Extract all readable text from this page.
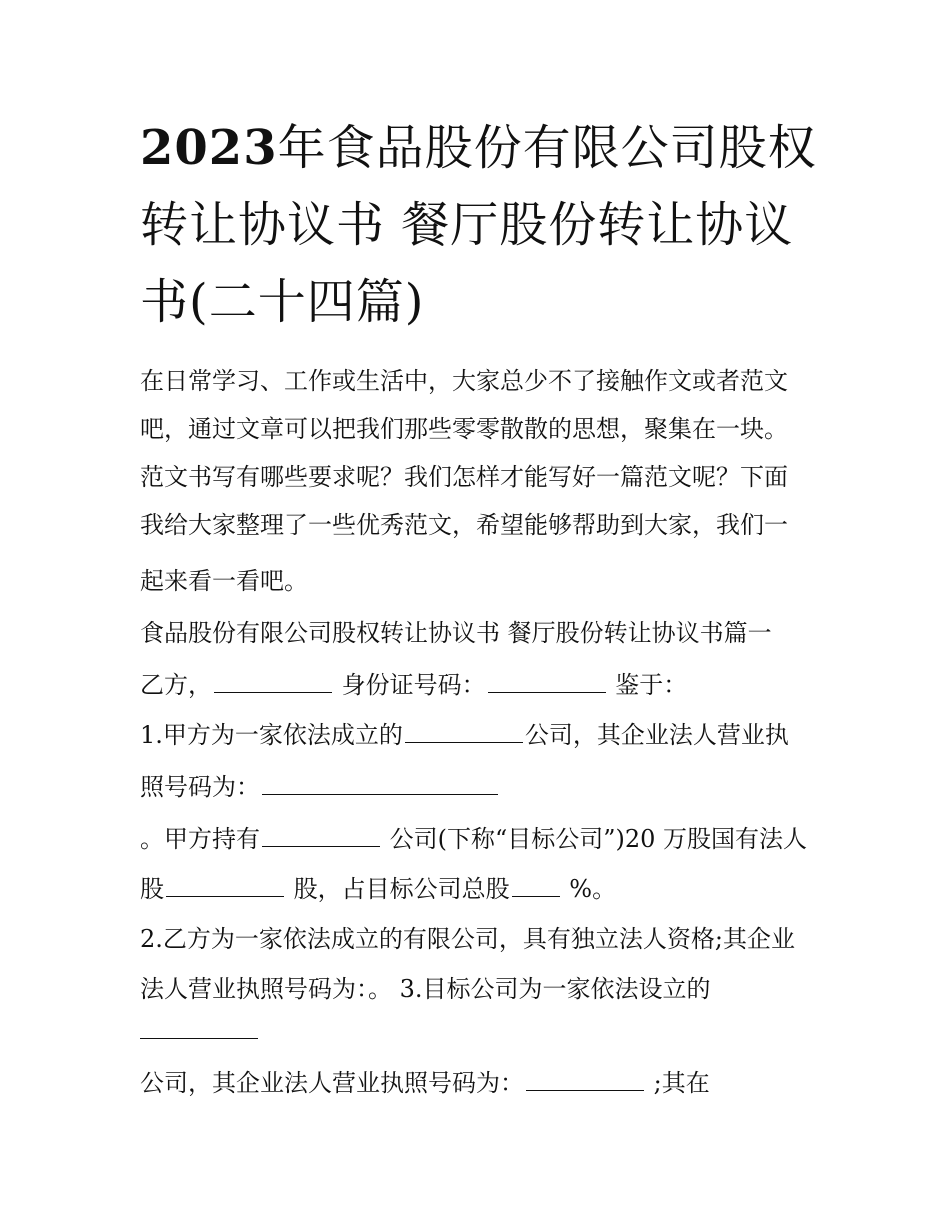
2023年食品股份有限公司股权
转让协议书 餐厅股份转让协议
书(二十四篇)
在日常学习、工作或生活中，大家总少不了接触作文或者范文
吧，通过文章可以把我们那些零零散散的思想，聚集在一块。
范文书写有哪些要求呢？我们怎样才能写好一篇范文呢？下面
我给大家整理了一些优秀范文，希望能够帮助到大家，我们一
起来看一看吧。
食品股份有限公司股权转让协议书 餐厅股份转让协议书篇一
乙方，	身份证号码：	鉴于：
1.甲方为一家依法成立的	公司，其企业法人营业执
照号码为：
。甲方持有	公司(下称“目标公司”)20 万股国有法人
股	股，占目标公司总股 %。
2.乙方为一家依法成立的有限公司，具有独立法人资格;其企业
法人营业执照号码为：。 3.目标公司为一家依法设立的
公司，其企业法人营业执照号码为：	;其在
